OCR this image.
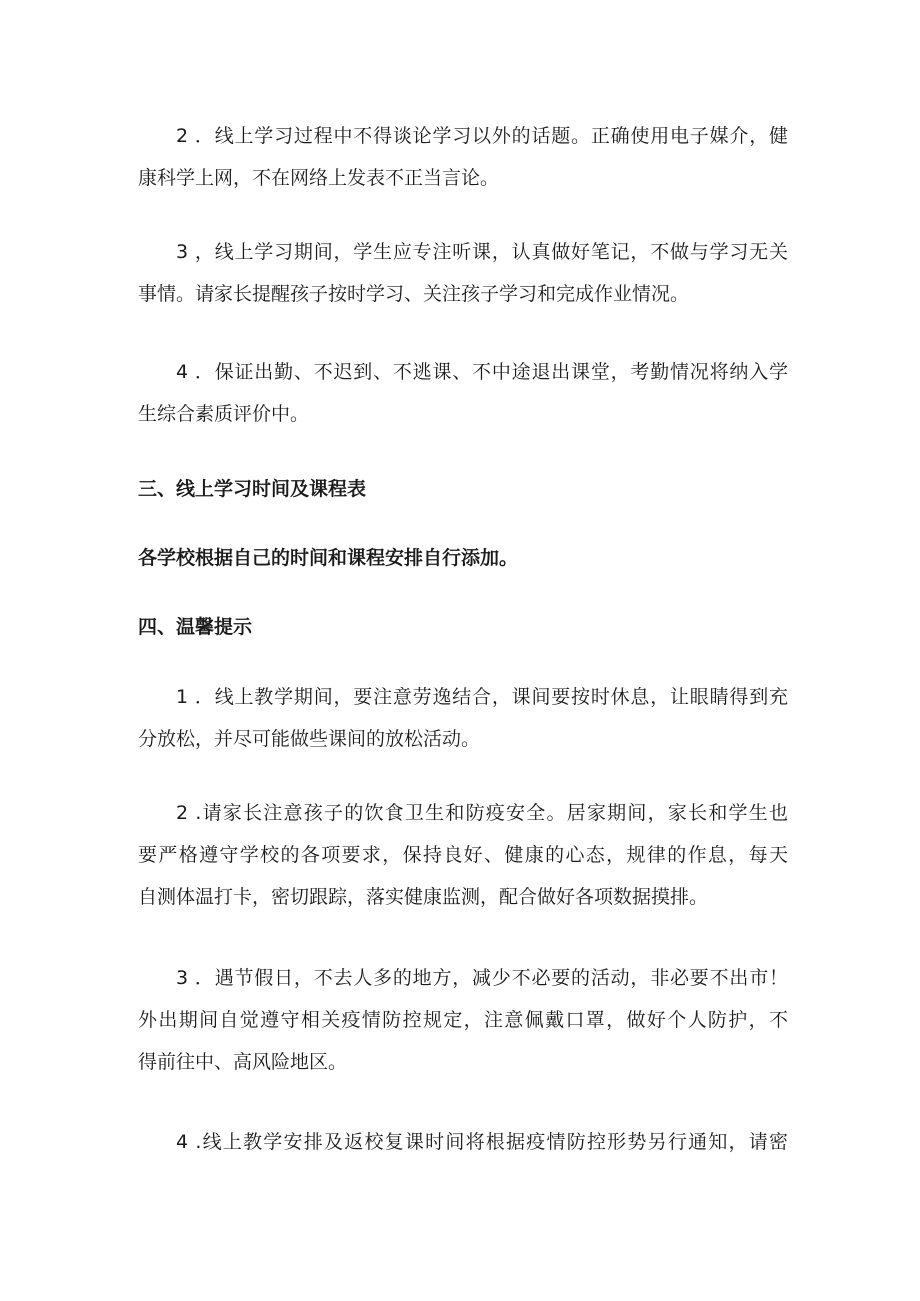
2 ．线上学习过程中不得谈论学习以外的话题。正确使用电子媒介，健
康科学上网，不在网络上发表不正当言论。
3 ，线上学习期间，学生应专注听课，认真做好笔记，不做与学习无关
事情。请家长提醒孩子按时学习、关注孩子学习和完成作业情况。
4 ．保证出勤、不迟到、不逃课、不中途退出课堂，考勤情况将纳入学
生综合素质评价中。
三、线上学习时间及课程表
各学校根据自己的时间和课程安排自行添加。
四、温馨提示
1 ．线上教学期间，要注意劳逸结合，课间要按时休息，让眼睛得到充
分放松，并尽可能做些课间的放松活动。
2 .请家长注意孩子的饮食卫生和防疫安全。居家期间，家长和学生也
要严格遵守学校的各项要求，保持良好、健康的心态，规律的作息，每天
自测体温打卡，密切跟踪，落实健康监测，配合做好各项数据摸排。
3 ．遇节假日，不去人多的地方，减少不必要的活动，非必要不出市！
外出期间自觉遵守相关疫情防控规定，注意佩戴口罩，做好个人防护，不
得前往中、高风险地区。
4 .线上教学安排及返校复课时间将根据疫情防控形势另行通知，请密
